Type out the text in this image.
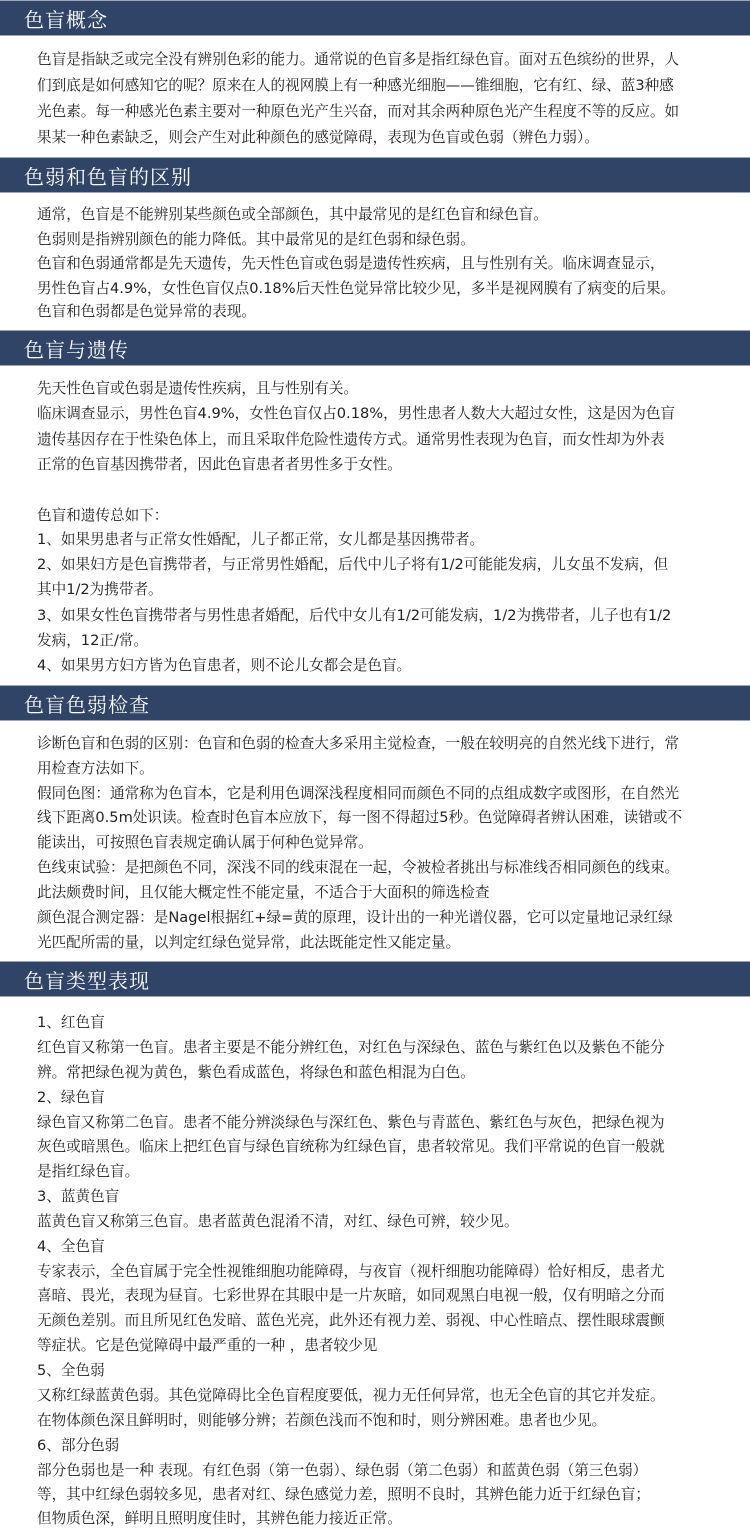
色盲概念
色盲是指缺乏或完全没有辨别色彩的能力。通常说的色盲多是指红绿色盲。面对五色缤纷的世界，人
们到底是如何感知它的呢？原来在人的视网膜上有一种感光细胞——锥细胞，它有红、绿、蓝3种感
光色素。每一种感光色素主要对一种原色光产生兴奋，而对其余两种原色光产生程度不等的反应。如
果某一种色素缺乏，则会产生对此种颜色的感觉障碍，表现为色盲或色弱（辨色力弱）。
色弱和色盲的区别
通常，色盲是不能辨别某些颜色或全部颜色，其中最常见的是红色盲和绿色盲。
色弱则是指辨别颜色的能力降低。其中最常见的是红色弱和绿色弱。
色盲和色弱通常都是先天遗传，先天性色盲或色弱是遗传性疾病，且与性别有关。临床调查显示，
男性色盲占4.9%，女性色盲仅点0.18%后天性色觉异常比较少见，多半是视网膜有了病变的后果。
色盲和色弱都是色觉异常的表现。
色盲与遗传
先天性色盲或色弱是遗传性疾病，且与性别有关。
临床调查显示，男性色盲4.9%，女性色盲仅占0.18%，男性患者人数大大超过女性，这是因为色盲
遗传基因存在于性染色体上，而且采取伴危险性遗传方式。通常男性表现为色盲，而女性却为外表
正常的色盲基因携带者，因此色盲患者者男性多于女性。
色盲和遗传总如下：
1、如果男患者与正常女性婚配，儿子都正常，女儿都是基因携带者。
2、如果妇方是色盲携带者，与正常男性婚配，后代中儿子将有1/2可能能发病，儿女虽不发病，但
其中1/2为携带者。
3、如果女性色盲携带者与男性患者婚配，后代中女儿有1/2可能发病，1/2为携带者，儿子也有1/2
发病，12正/常。
4、如果男方妇方皆为色盲患者，则不论儿女都会是色盲。
色盲色弱检查
诊断色盲和色弱的区别：色盲和色弱的检查大多采用主觉检查，一般在较明亮的自然光线下进行，常
用检查方法如下。
假同色图：通常称为色盲本，它是利用色调深浅程度相同而颜色不同的点组成数字或图形，在自然光
线下距离0.5m处识读。检查时色盲本应放下，每一图不得超过5秒。色觉障碍者辨认困难，读错或不
能读出，可按照色盲表规定确认属于何种色觉异常。
色线束试验：是把颜色不同，深浅不同的线束混在一起，令被检者挑出与标准线否相同颜色的线束。
此法颇费时间，且仅能大概定性不能定量，不适合于大面积的筛选检查
颜色混合测定器：是Nagel根据红+绿=黄的原理，设计出的一种光谱仪器，它可以定量地记录红绿
光匹配所需的量，以判定红绿色觉异常，此法既能定性又能定量。
色盲类型表现
1、红色盲
红色盲又称第一色盲。患者主要是不能分辨红色，对红色与深绿色、蓝色与紫红色以及紫色不能分
辨。常把绿色视为黄色，紫色看成蓝色，将绿色和蓝色相混为白色。
2、绿色盲
绿色盲又称第二色盲。患者不能分辨淡绿色与深红色、紫色与青蓝色、紫红色与灰色，把绿色视为
灰色或暗黑色。临床上把红色盲与绿色盲统称为红绿色盲，患者较常见。我们平常说的色盲一般就
是指红绿色盲。
3、蓝黄色盲
蓝黄色盲又称第三色盲。患者蓝黄色混淆不清，对红、绿色可辨，较少见。
4、全色盲
专家表示，全色盲属于完全性视锥细胞功能障碍，与夜盲（视杆细胞功能障碍）恰好相反，患者尤
喜暗、畏光，表现为昼盲。七彩世界在其眼中是一片灰暗，如同观黑白电视一般，仅有明暗之分而
无颜色差别。而且所见红色发暗、蓝色光亮，此外还有视力差、弱视、中心性暗点、摆性眼球震颤
等症状。它是色觉障碍中最严重的一种 ，患者较少见
5、全色弱
又称红绿蓝黄色弱。其色觉障碍比全色盲程度要低，视力无任何异常，也无全色盲的其它并发症。
在物体颜色深且鲜明时，则能够分辨；若颜色浅而不饱和时，则分辨困难。患者也少见。
6、部分色弱
部分色弱也是一种 表现。有红色弱（第一色弱）、绿色弱（第二色弱）和蓝黄色弱（第三色弱）
等，其中红绿色弱较多见，患者对红、绿色感觉力差，照明不良时，其辨色能力近于红绿色盲；
但物质色深，鲜明且照明度佳时，其辨色能力接近正常。
